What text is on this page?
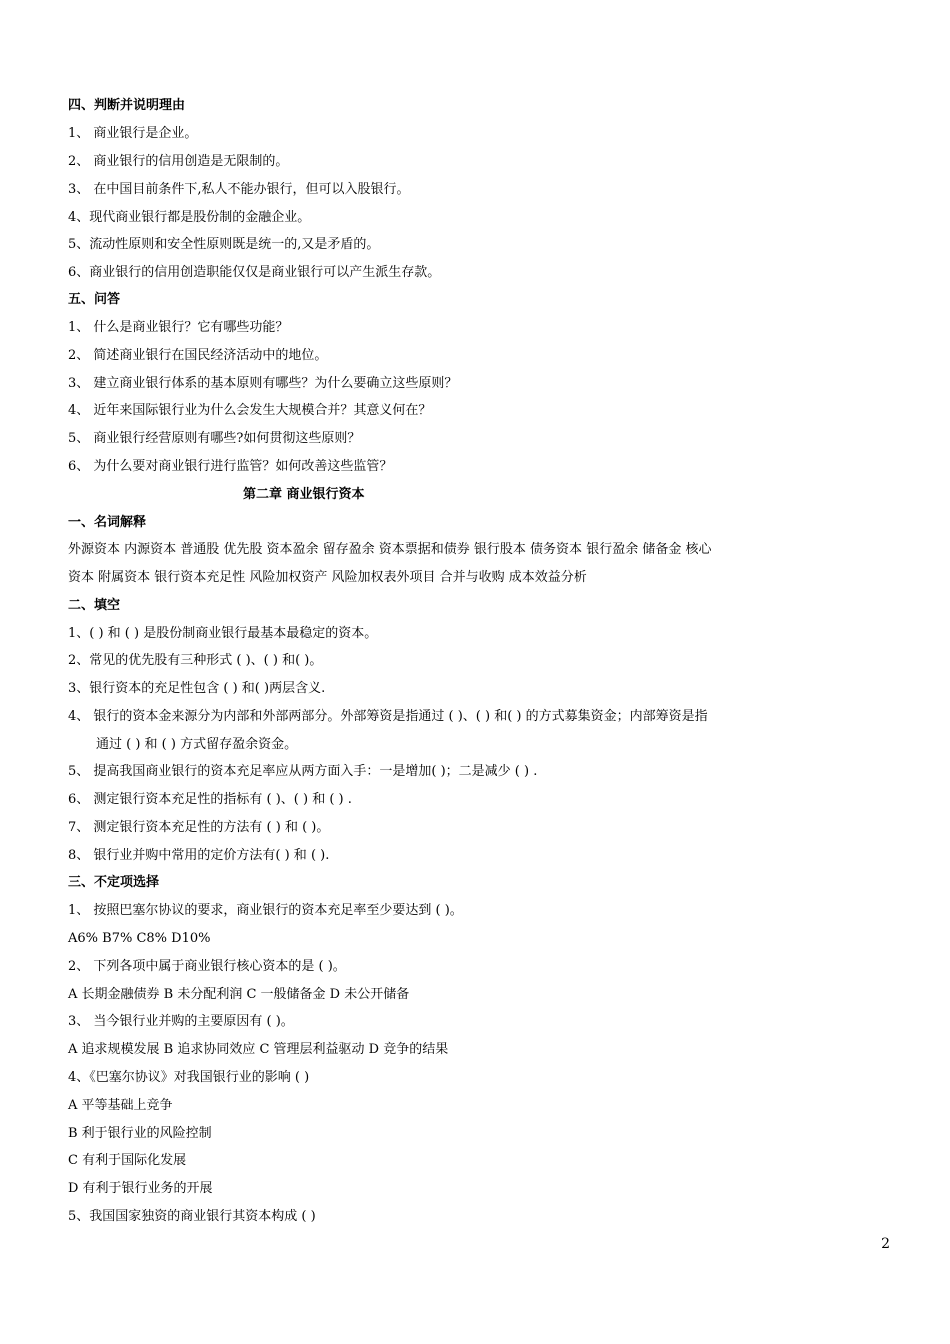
四、判断并说明理由
1、 商业银行是企业。
2、 商业银行的信用创造是无限制的。
3、 在中国目前条件下,私人不能办银行，但可以入股银行。
4、现代商业银行都是股份制的金融企业。
5、流动性原则和安全性原则既是统一的,又是矛盾的。
6、商业银行的信用创造职能仅仅是商业银行可以产生派生存款。
五、问答
1、 什么是商业银行？它有哪些功能？
2、 简述商业银行在国民经济活动中的地位。
3、 建立商业银行体系的基本原则有哪些？为什么要确立这些原则？
4、 近年来国际银行业为什么会发生大规模合并？其意义何在？
5、 商业银行经营原则有哪些?如何贯彻这些原则？
6、 为什么要对商业银行进行监管？如何改善这些监管？
第二章 商业银行资本
一、名词解释
外源资本 内源资本 普通股 优先股 资本盈余 留存盈余 资本票据和债券 银行股本 债务资本 银行盈余 储备金 核心
资本 附属资本 银行资本充足性 风险加权资产 风险加权表外项目 合并与收购 成本效益分析
二、填空
1、( ) 和 ( ) 是股份制商业银行最基本最稳定的资本。
2、常见的优先股有三种形式 ( )、( ) 和( )。
3、银行资本的充足性包含 ( ) 和( )两层含义.
4、 银行的资本金来源分为内部和外部两部分。外部筹资是指通过 ( )、( ) 和( ) 的方式募集资金；内部筹资是指
通过 ( ) 和 ( ) 方式留存盈余资金。
5、 提高我国商业银行的资本充足率应从两方面入手：一是增加( )；二是减少 ( ) .
6、 测定银行资本充足性的指标有 ( )、( ) 和 ( ) .
7、 测定银行资本充足性的方法有 ( ) 和 ( )。
8、 银行业并购中常用的定价方法有( ) 和 ( ).
三、不定项选择
1、 按照巴塞尔协议的要求，商业银行的资本充足率至少要达到 ( )。
A6% B7% C8% D10%
2、 下列各项中属于商业银行核心资本的是 ( )。
A 长期金融债券 B 未分配利润 C 一般储备金 D 未公开储备
3、 当今银行业并购的主要原因有 ( )。
A 追求规模发展 B 追求协同效应 C 管理层利益驱动 D 竞争的结果
4、《巴塞尔协议》对我国银行业的影响 ( )
A 平等基础上竞争
B 利于银行业的风险控制
C 有利于国际化发展
D 有利于银行业务的开展
5、我国国家独资的商业银行其资本构成 ( )
2
